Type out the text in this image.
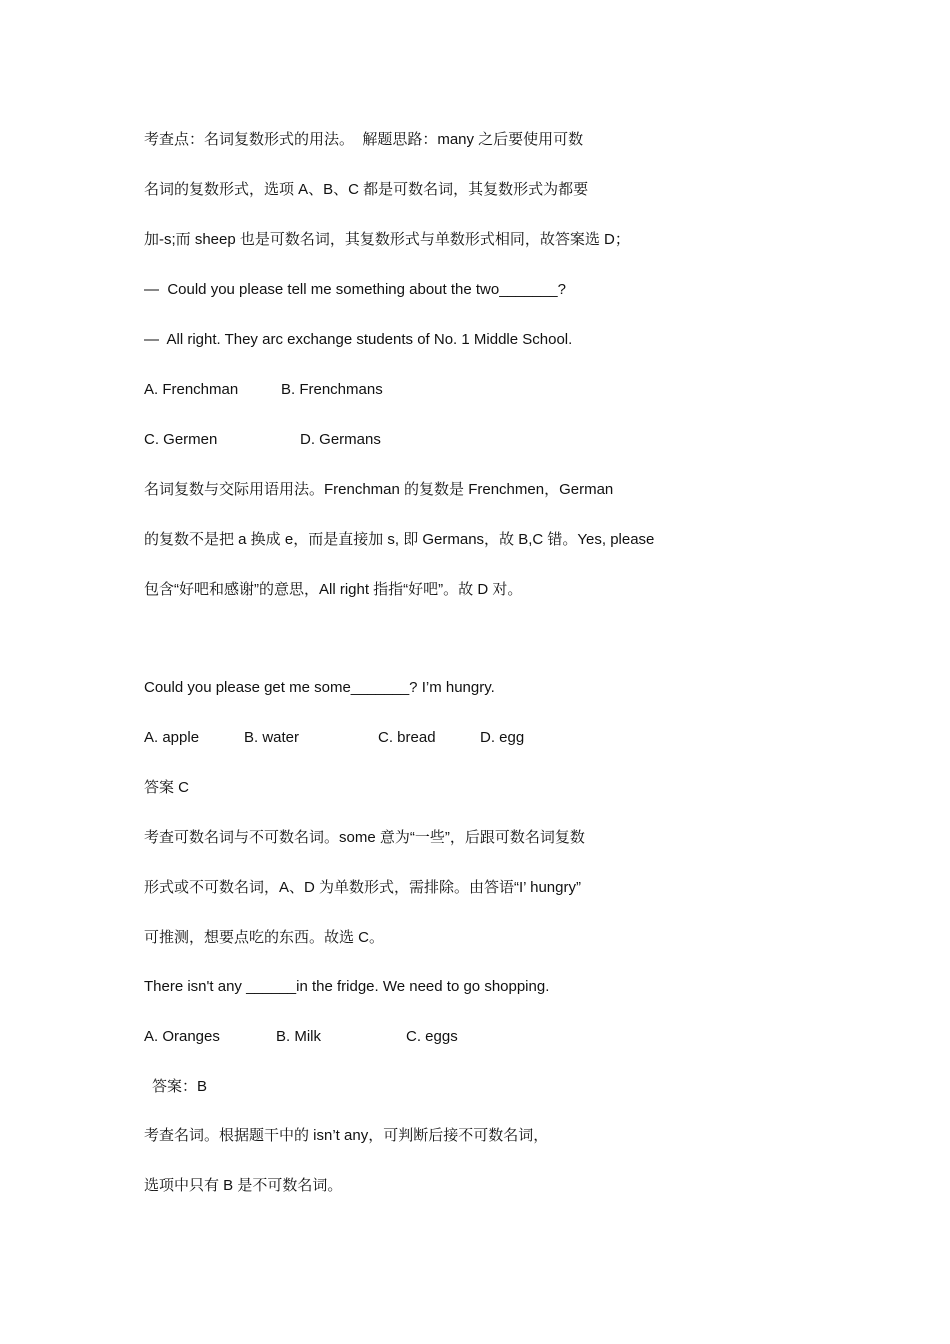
考查点：名词复数形式的用法。  解题思路：many 之后要使用可数
名词的复数形式，选项 A、B、C 都是可数名词，其复数形式为都要
加-s;而 sheep 也是可数名词，其复数形式与单数形式相同，故答案选 D；
—  Could you please tell me something about the two_______?
—  All right. They arc exchange students of No. 1 Middle School.
A. Frenchman	B. Frenchmans
C. Germen	D. Germans
名词复数与交际用语用法。Frenchman 的复数是 Frenchmen，German
的复数不是把 a 换成 e，而是直接加 s, 即 Germans，故 B,C 错。Yes, please
包含“好吧和感谢”的意思，All right 指指“好吧”。故 D 对。
Could you please get me some_______? I’m hungry.
A. apple	B. water	C. bread	D. egg
答案 C
考查可数名词与不可数名词。some 意为“一些”，后跟可数名词复数
形式或不可数名词，A、D 为单数形式，需排除。由答语“I’ hungry”
可推测，想要点吃的东西。故选 C。
There isn't any ______in the fridge. We need to go shopping.
A. Oranges	B. Milk	C. eggs
答案：B
考查名词。根据题干中的 isn’t any，可判断后接不可数名词，
选项中只有 B 是不可数名词。
